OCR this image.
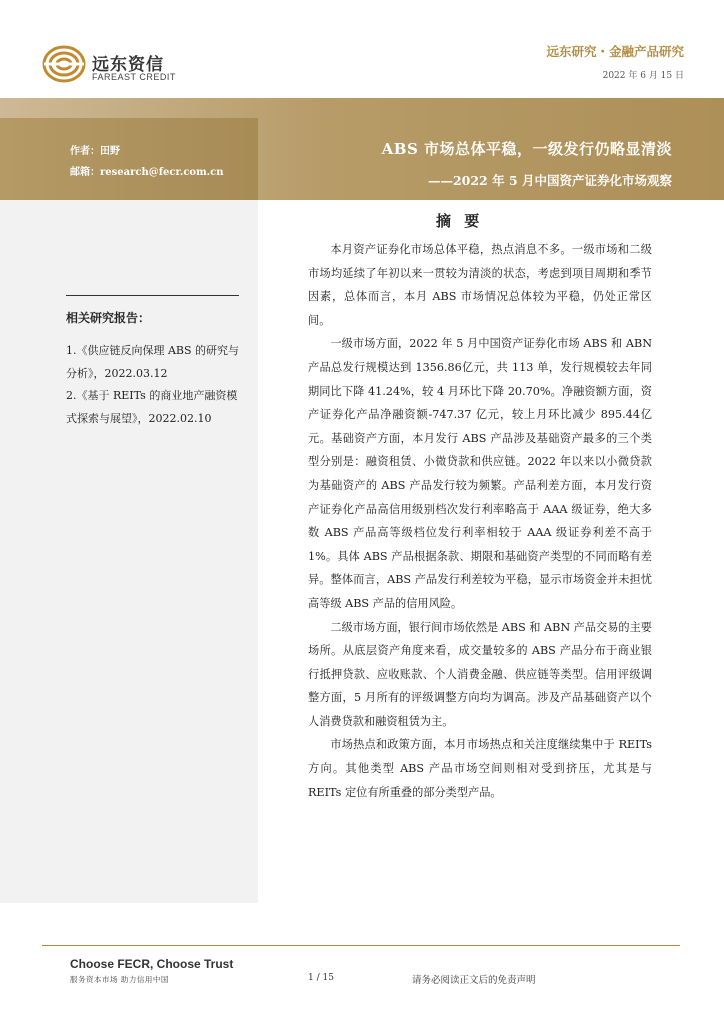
远东资信
FAREAST CREDIT
远东研究・金融产品研究
2022 年 6 月 15 日
作者：田野
邮箱：research@fecr.com.cn
ABS 市场总体平稳，一级发行仍略显清淡
——2022 年 5 月中国资产证券化市场观察
相关研究报告：
1.《供应链反向保理 ABS 的研究与分析》，2022.03.12
2.《基于 REITs 的商业地产融资模式探索与展望》，2022.02.10
摘 要

本月资产证券化市场总体平稳，热点消息不多。一级市场和二级市场均延续了年初以来一贯较为清淡的状态，考虑到项目周期和季节因素，总体而言，本月 ABS 市场情况总体较为平稳，仍处正常区间。

一级市场方面，2022 年 5 月中国资产证券化市场 ABS 和 ABN 产品总发行规模达到 1356.86亿元，共 113 单，发行规模较去年同期同比下降 41.24%，较 4 月环比下降 20.70%。净融资额方面，资产证券化产品净融资额-747.37 亿元，较上月环比减少 895.44亿元。基础资产方面，本月发行 ABS 产品涉及基础资产最多的三个类型分别是：融资租赁、小微贷款和供应链。2022 年以来以小微贷款为基础资产的 ABS 产品发行较为频繁。产品利差方面，本月发行资产证券化产品高信用级别档次发行利率略高于 AAA 级证券，绝大多数 ABS 产品高等级档位发行利率相较于 AAA 级证券利差不高于 1%。具体 ABS 产品根据条款、期限和基础资产类型的不同而略有差异。整体而言，ABS 产品发行利差较为平稳，显示市场资金并未担忧高等级 ABS 产品的信用风险。

二级市场方面，银行间市场依然是 ABS 和 ABN 产品交易的主要场所。从底层资产角度来看，成交量较多的 ABS 产品分布于商业银行抵押贷款、应收账款、个人消费金融、供应链等类型。信用评级调整方面，5 月所有的评级调整方向均为调高。涉及产品基础资产以个人消费贷款和融资租赁为主。

市场热点和政策方面，本月市场热点和关注度继续集中于 REITs 方向。其他类型 ABS 产品市场空间则相对受到挤压，尤其是与 REITs 定位有所重叠的部分类型产品。

Choose FECR, Choose Trust
服务资本市场 助力信用中国	1 / 15	请务必阅读正文后的免责声明
